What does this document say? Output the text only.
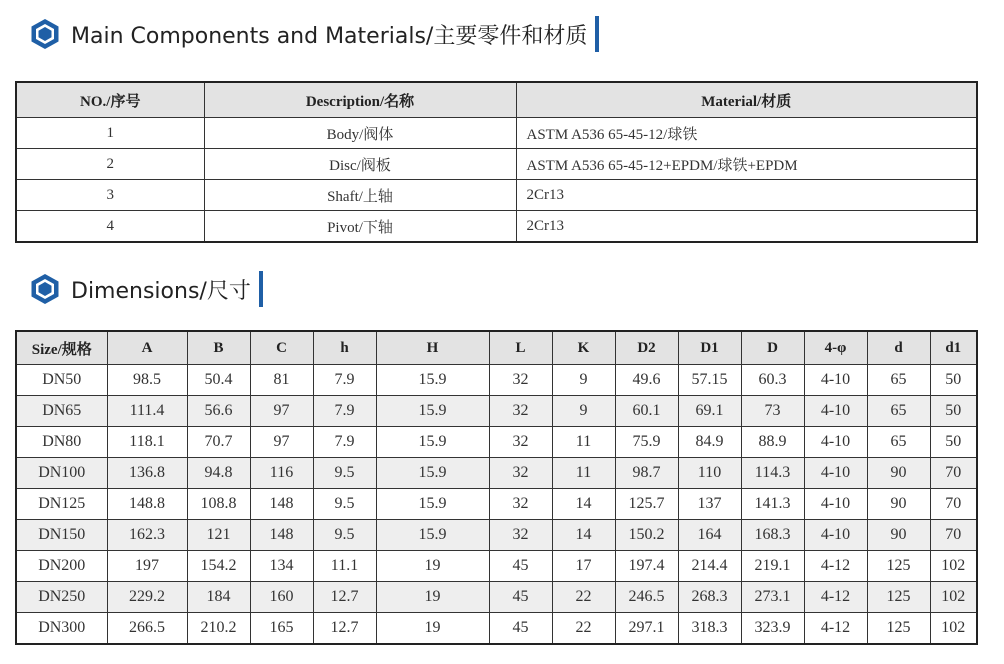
Main Components and Materials/主要零件和材质
NO./序号	Description/名称	Material/材质
1	Body/阀体	ASTM A536 65-45-12/球铁
2	Disc/阀板	ASTM A536 65-45-12+EPDM/球铁+EPDM
3	Shaft/上轴	2Cr13
4	Pivot/下轴	2Cr13
Dimensions/尺寸
Size/规格	A	B	C	h	H	L	K	D2	D1	D	4-φ	d	d1
DN50	98.5	50.4	81	7.9	15.9	32	9	49.6	57.15	60.3	4-10	65	50
DN65	111.4	56.6	97	7.9	15.9	32	9	60.1	69.1	73	4-10	65	50
DN80	118.1	70.7	97	7.9	15.9	32	11	75.9	84.9	88.9	4-10	65	50
DN100	136.8	94.8	116	9.5	15.9	32	11	98.7	110	114.3	4-10	90	70
DN125	148.8	108.8	148	9.5	15.9	32	14	125.7	137	141.3	4-10	90	70
DN150	162.3	121	148	9.5	15.9	32	14	150.2	164	168.3	4-10	90	70
DN200	197	154.2	134	11.1	19	45	17	197.4	214.4	219.1	4-12	125	102
DN250	229.2	184	160	12.7	19	45	22	246.5	268.3	273.1	4-12	125	102
DN300	266.5	210.2	165	12.7	19	45	22	297.1	318.3	323.9	4-12	125	102
